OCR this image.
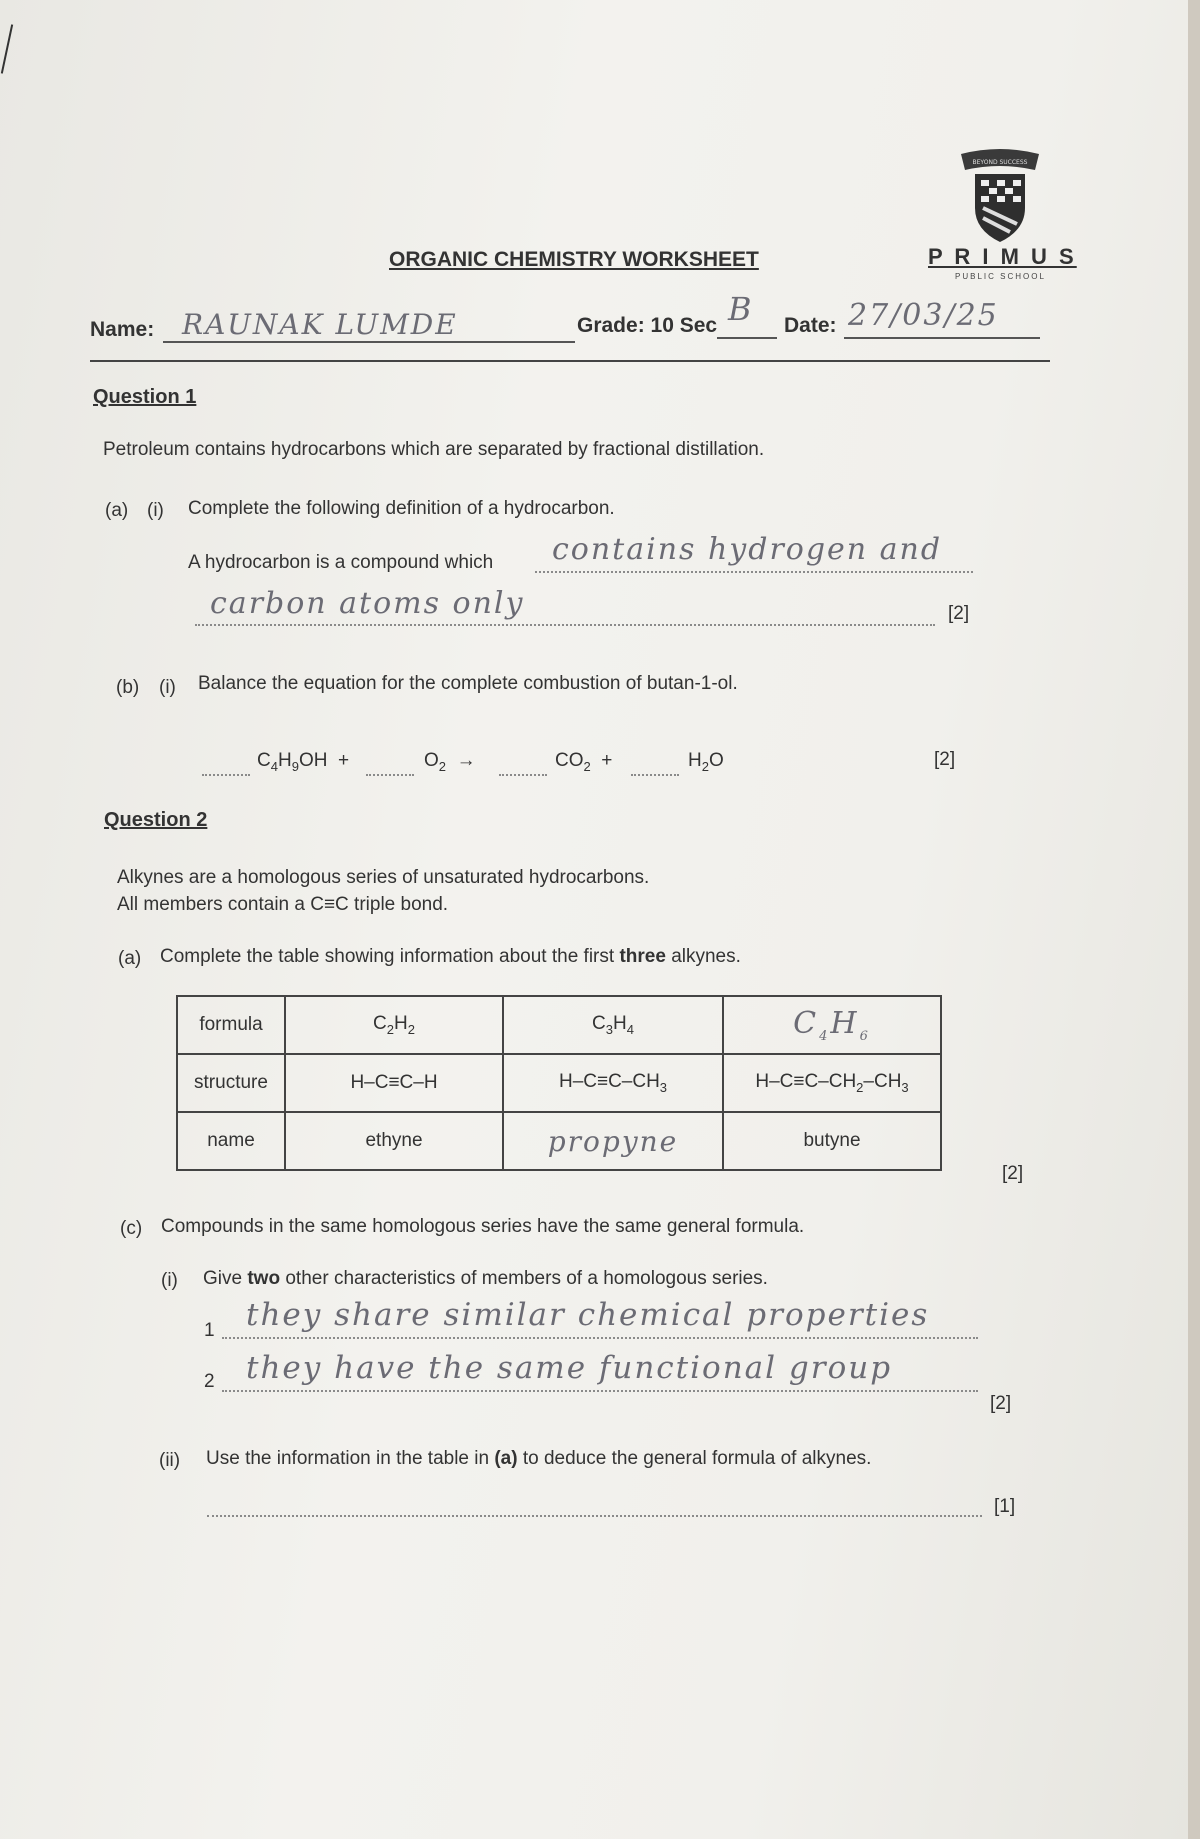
BEYOND SUCCESS
P R I M U S
PUBLIC SCHOOL
ORGANIC CHEMISTRY WORKSHEET
Name: RAUNAK LUMDE	Grade: 10 Sec B Date: 27/03/25
Question 1
Petroleum contains hydrocarbons which are separated by fractional distillation.
(a) (i) Complete the following definition of a hydrocarbon.
A hydrocarbon is a compound which contains hydrogen and
carbon atoms only	[2]
(b) (i) Balance the equation for the complete combustion of butan-1-ol.
$C_4H_9OH$  +	$O_2$  →	$CO_2$  +	$H_2O$	[2]
Question 2
Alkynes are a homologous series of unsaturated hydrocarbons.
All members contain a C≡C triple bond.
(a) Complete the table showing information about the first three alkynes.
formula	$C_2H_2$	$C_3H_4$	$C_4H_6$
structure	H–C≡C–H	$H-C\equiv C-CH_3$	$H-C\equiv C-CH_2-CH_3$
name	ethyne	propyne	butyne
[2]
(c) Compounds in the same homologous series have the same general formula.
(i) Give two other characteristics of members of a homologous series.
1 they share similar chemical properties
2 they have the same functional group
[2]
(ii) Use the information in the table in (a) to deduce the general formula of alkynes.
[1]
